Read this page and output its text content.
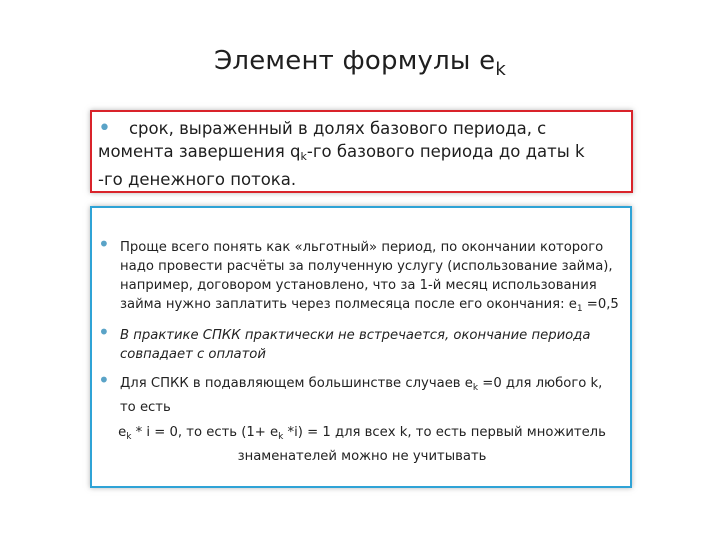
Элемент формулы $e_k$
• срок, выраженный в долях базового периода, с
момента завершения $q_k-го$ базового периода до даты k
-го денежного потока.
• Проще всего понять как «льготный» период, по окончании которого надо провести расчёты за полученную услугу (использование займа), например, договором установлено, что за 1-й месяц использования займа нужно заплатить через полмесяца после его окончания: $e_1 =0,5$
• В практике СПКК практически не встречается, окончание периода совпадает с оплатой
• Для СПКК в подавляющем большинстве случаев $e_k =0$ для любого k, то есть
$e_k * i = 0$, то есть ($1+ e_k$ *i) = 1 для всех k, то есть первый множитель
знаменателей можно не учитывать
